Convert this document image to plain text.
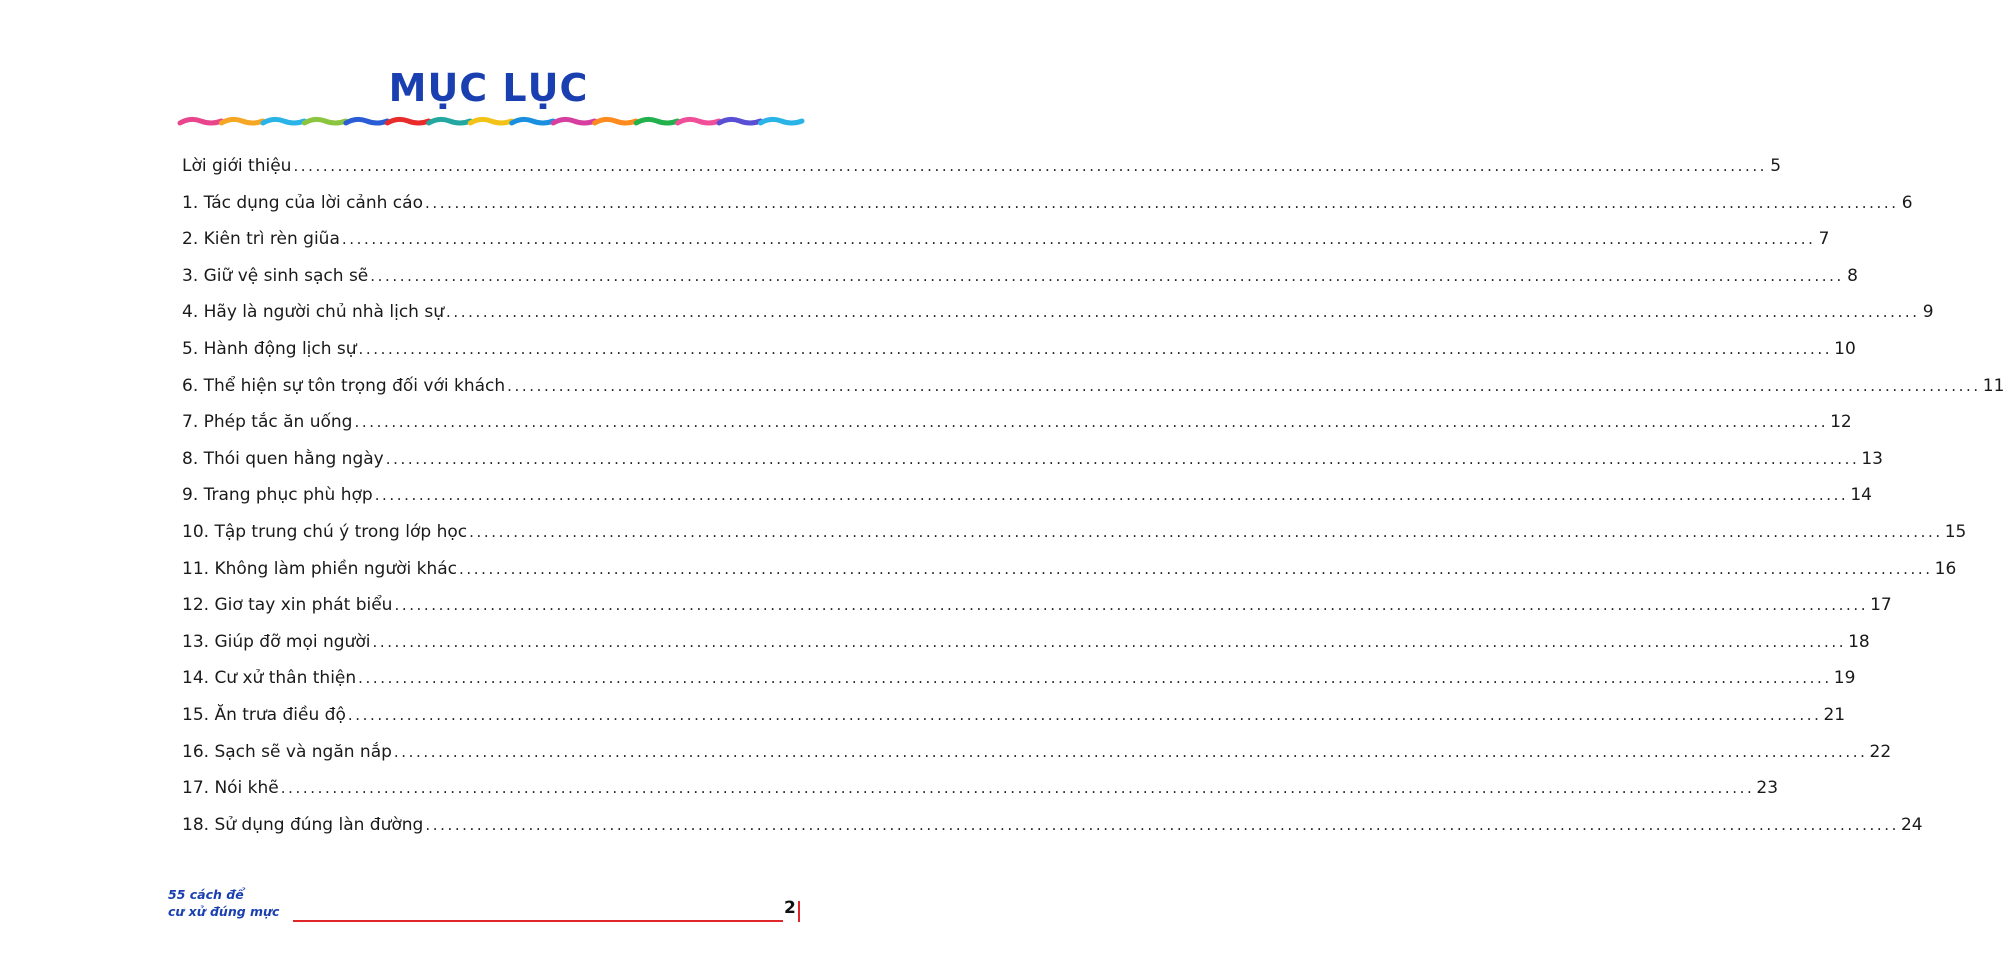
MỤC LỤC
Lời giới thiệu ........................................................................................................................................................................................................ 5
1. Tác dụng của lời cảnh cáo ........................................................................................................................................................................................................ 6
2. Kiên trì rèn giũa ........................................................................................................................................................................................................ 7
3. Giữ vệ sinh sạch sẽ ........................................................................................................................................................................................................ 8
4. Hãy là người chủ nhà lịch sự ........................................................................................................................................................................................................ 9
5. Hành động lịch sự ........................................................................................................................................................................................................ 10
6. Thể hiện sự tôn trọng đối với khách ........................................................................................................................................................................................................ 11
7. Phép tắc ăn uống ........................................................................................................................................................................................................ 12
8. Thói quen hằng ngày ........................................................................................................................................................................................................ 13
9. Trang phục phù hợp ........................................................................................................................................................................................................ 14
10. Tập trung chú ý trong lớp học ........................................................................................................................................................................................................ 15
11. Không làm phiền người khác ........................................................................................................................................................................................................ 16
12. Giơ tay xin phát biểu ........................................................................................................................................................................................................ 17
13. Giúp đỡ mọi người ........................................................................................................................................................................................................ 18
14. Cư xử thân thiện ........................................................................................................................................................................................................ 19
15. Ăn trưa điều độ ........................................................................................................................................................................................................ 21
16. Sạch sẽ và ngăn nắp ........................................................................................................................................................................................................ 22
17. Nói khẽ ........................................................................................................................................................................................................ 23
18. Sử dụng đúng làn đường ........................................................................................................................................................................................................ 24
55 cách để
cư xử đúng mực	2
